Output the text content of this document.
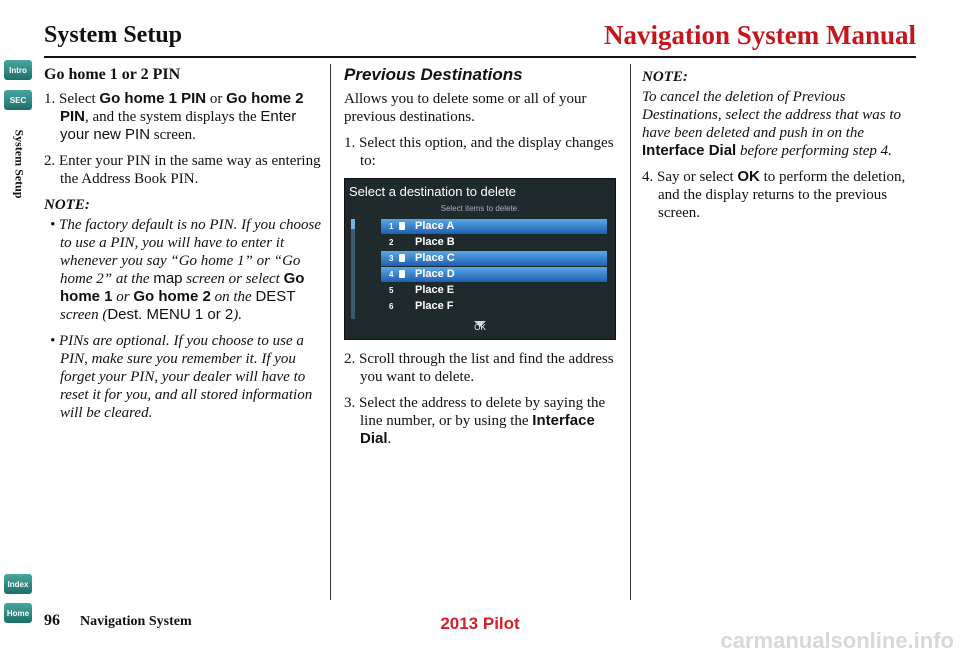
System Setup	Navigation System Manual
Intro
SEC
System Setup
Index
Home
Go home 1 or 2 PIN

1. Select Go home 1 PIN or Go home 2 PIN, and the system displays the Enter your new PIN screen.

2. Enter your PIN in the same way as entering the Address Book PIN.

NOTE:

• The factory default is no PIN. If you choose to use a PIN, you will have to enter it whenever you say “Go home 1” or “Go home 2” at the map screen or select Go home 1 or Go home 2 on the DEST screen (Dest. MENU 1 or 2).

• PINs are optional. If you choose to use a PIN, make sure you remember it. If you forget your PIN, your dealer will have to reset it for you, and all stored information will be cleared.

Previous Destinations

Allows you to delete some or all of your previous destinations.

1. Select this option, and the display changes to:

Select a destination to delete
Select items to delete.
OK
1 Place A
2 Place B
3 Place C
4 Place D
5 Place E
6 Place F

2. Scroll through the list and find the address you want to delete.

3. Select the address to delete by saying the line number, or by using the Interface Dial.

NOTE:

To cancel the deletion of Previous Destinations, select the address that was to have been deleted and push in on the Interface Dial before performing step 4.

4. Say or select OK to perform the deletion, and the display returns to the previous screen.

96 Navigation System	2013 Pilot
carmanualsonline.info
